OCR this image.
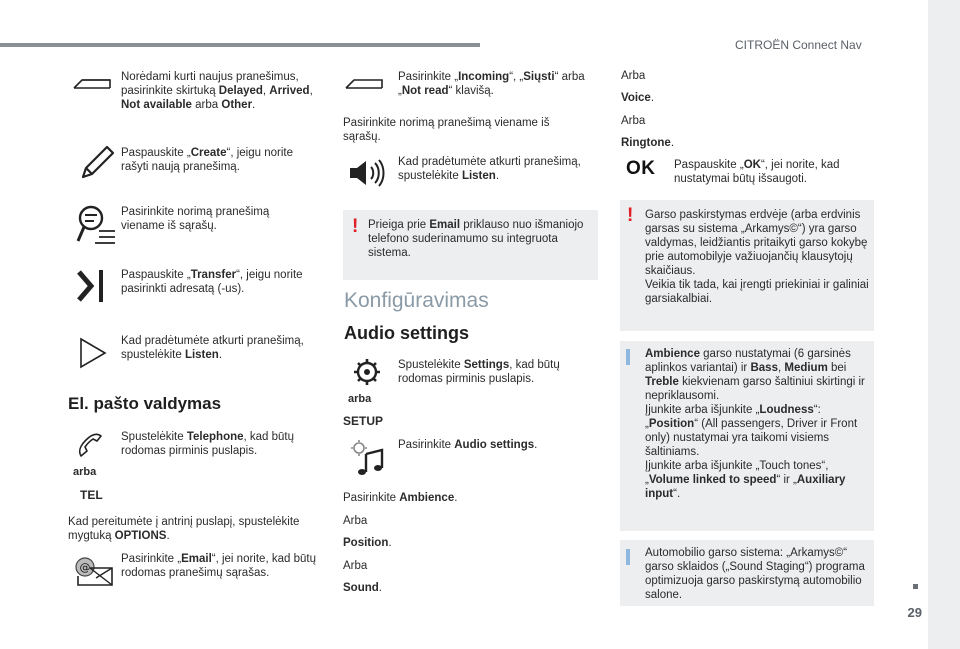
CITROËN Connect Nav
29
Norėdami kurti naujus pranešimus, pasirinkite skirtuką Delayed, Arrived, Not available arba Other.
Paspauskite „Create“, jeigu norite rašyti naują pranešimą.
Pasirinkite norimą pranešimą viename iš sąrašų.
Paspauskite „Transfer“, jeigu norite pasirinkti adresatą (-us).
Kad pradėtumėte atkurti pranešimą, spustelėkite Listen.
El. pašto valdymas
arba
TEL
Spustelėkite Telephone, kad būtų rodomas pirminis puslapis.
Kad pereitumėte į antrinį puslapį, spustelėkite mygtuką OPTIONS.
@
Pasirinkite „Email“, jei norite, kad būtų rodomas pranešimų sąrašas.
Pasirinkite „Incoming“, „Siųsti“ arba „Not read“ klavišą.
Pasirinkite norimą pranešimą viename iš sąrašų.
Kad pradėtumėte atkurti pranešimą, spustelėkite Listen.
! Prieiga prie Email priklauso nuo išmaniojo telefono suderinamumo su integruota sistema.
Konfigūravimas
Audio settings
arba
SETUP
Spustelėkite Settings, kad būtų rodomas pirminis puslapis.
Pasirinkite Audio settings.
Pasirinkite Ambience.
Arba
Position.
Arba
Sound.
Arba
Voice.
Arba
Ringtone.
OK Paspauskite „OK“, jei norite, kad nustatymai būtų išsaugoti.
! Garso paskirstymas erdvėje (arba erdvinis garsas su sistema „Arkamys©“) yra garso valdymas, leidžiantis pritaikyti garso kokybę prie automobilyje važiuojančių klausytojų skaičiaus.
Veikia tik tada, kai įrengti priekiniai ir galiniai garsiakalbiai.
Ambience garso nustatymai (6 garsinės aplinkos variantai) ir Bass, Medium bei Treble kiekvienam garso šaltiniui skirtingi ir nepriklausomi.
Įjunkite arba išjunkite „Loudness“: „Position“ (All passengers, Driver ir Front only) nustatymai yra taikomi visiems šaltiniams.
Įjunkite arba išjunkite „Touch tones“, „Volume linked to speed“ ir „Auxiliary input“.
Automobilio garso sistema: „Arkamys©“ garso sklaidos („Sound Staging“) programa optimizuoja garso paskirstymą automobilio salone.
